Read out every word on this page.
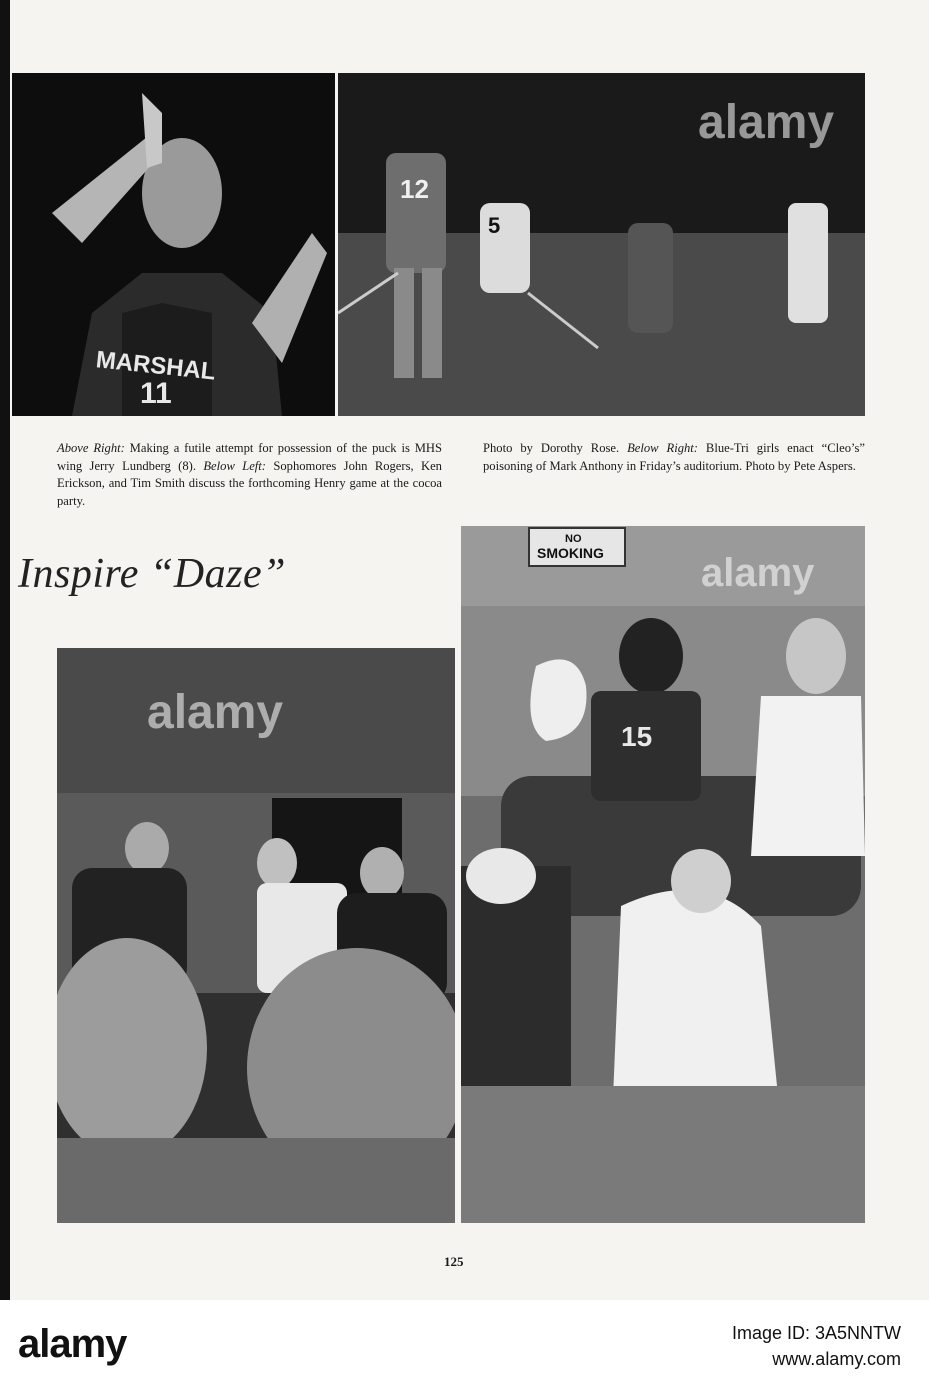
MARSHAL
11
12
5
alamy
Above Right: Making a futile attempt for possession of the puck is MHS wing Jerry Lundberg (8). Below Left: Sophomores John Rogers, Ken Erickson, and Tim Smith discuss the forthcoming Henry game at the cocoa party.
Photo by Dorothy Rose. Below Right: Blue-Tri girls enact “Cleo’s” poisoning of Mark Anthony in Friday’s auditorium. Photo by Pete Aspers.
Inspire “Daze”
alamy
NO
SMOKING
15
alamy
125
alamy	Image ID: 3A5NNTW
www.alamy.com
